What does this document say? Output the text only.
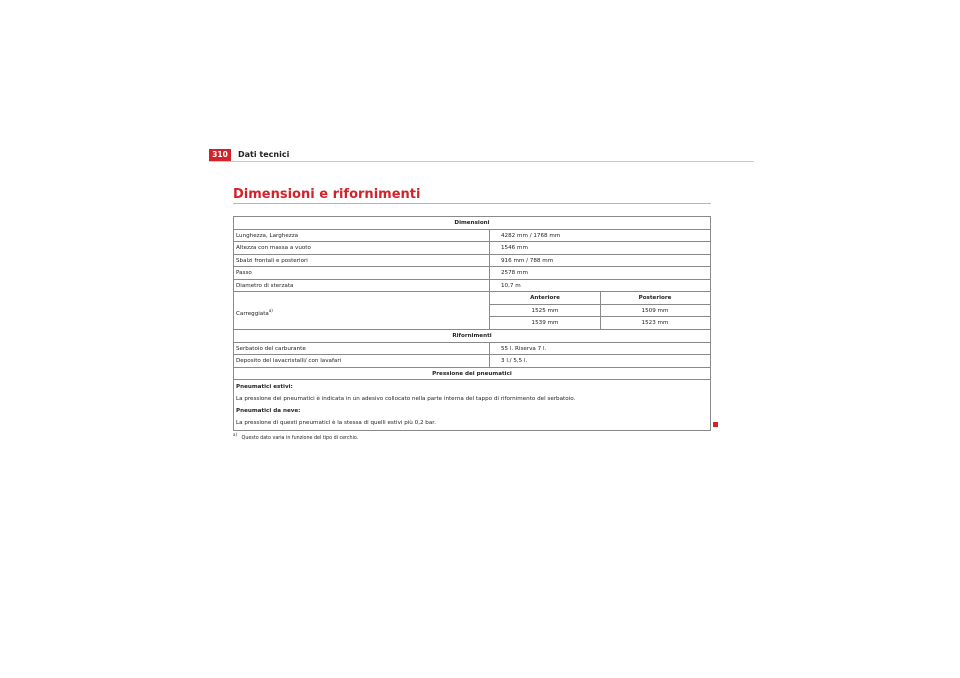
310	Dati tecnici
Dimensioni e rifornimenti
Dimensioni
Lunghezza, Larghezza	4282 mm / 1768 mm
Altezza con massa a vuoto	1546 mm
Sbalzi frontali e posteriori	916 mm / 788 mm
Passo	2578 mm
Diametro di sterzata	10,7 m
Carreggiata$^{a)}$
Anteriore	Posteriore
1525 mm	1509 mm
1539 mm	1523 mm
Rifornimenti
Serbatoio del carburante	55 l. Riserva 7 l.
Deposito del lavacristalli/ con lavafari	3 l./ 5,5 l.
Pressione dei pneumatici
Pneumatici estivi:
La pressione dei pneumatici è indicata in un adesivo collocato nella parte interna del tappo di rifornimento del serbatoio.
Pneumatici da neve:
La pressione di questi pneumatici è la stessa di quelli estivi più 0,2 bar.
$^{a)}$ Questo dato varia in funzione del tipo di cerchio.
